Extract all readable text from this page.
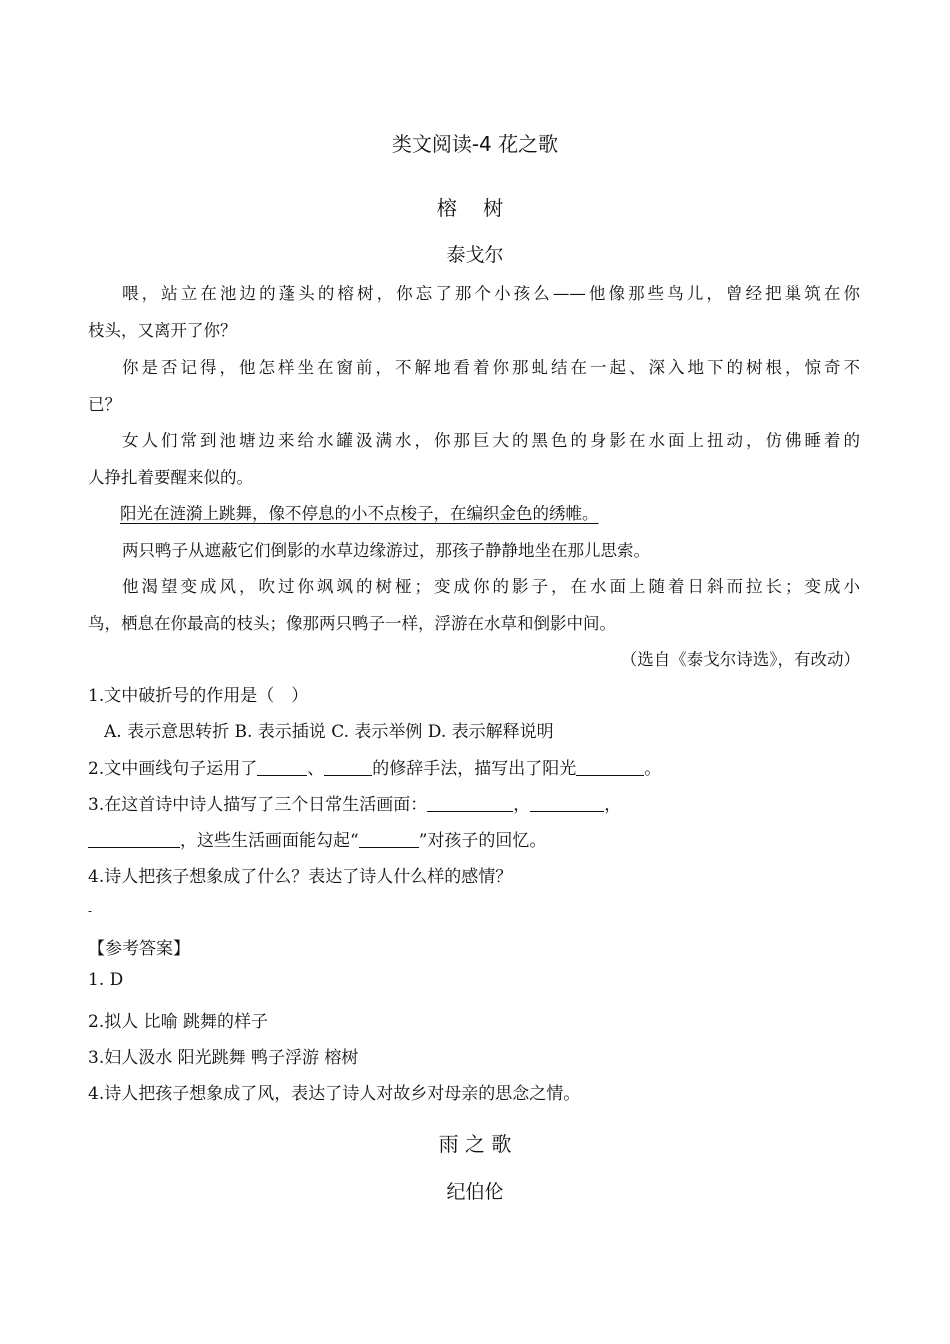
类文阅读-4 花之歌
榕 树
泰戈尔
喂，站立在池边的蓬头的榕树，你忘了那个小孩么——他像那些鸟儿，曾经把巢筑在你
枝头，又离开了你？
你是否记得，他怎样坐在窗前，不解地看着你那虬结在一起、深入地下的树根，惊奇不
已？
女人们常到池塘边来给水罐汲满水，你那巨大的黑色的身影在水面上扭动，仿佛睡着的
人挣扎着要醒来似的。
阳光在涟漪上跳舞，像不停息的小不点梭子，在编织金色的绣帷。
两只鸭子从遮蔽它们倒影的水草边缘游过，那孩子静静地坐在那儿思索。
他渴望变成风，吹过你飒飒的树桠；变成你的影子，在水面上随着日斜而拉长；变成小
鸟，栖息在你最高的枝头；像那两只鸭子一样，浮游在水草和倒影中间。
（选自《泰戈尔诗选》，有改动）
1.文中破折号的作用是（　）
A. 表示意思转折 B. 表示插说 C. 表示举例 D. 表示解释说明
2.文中画线句子运用了	、	的修辞手法，描写出了阳光	。
3.在这首诗中诗人描写了三个日常生活画面：	，	，
，这些生活画面能勾起“	”对孩子的回忆。
4.诗人把孩子想象成了什么？表达了诗人什么样的感情？
-
【参考答案】
1. D
2.拟人 比喻 跳舞的样子
3.妇人汲水 阳光跳舞 鸭子浮游 榕树
4.诗人把孩子想象成了风，表达了诗人对故乡对母亲的思念之情。
雨 之 歌
纪伯伦
